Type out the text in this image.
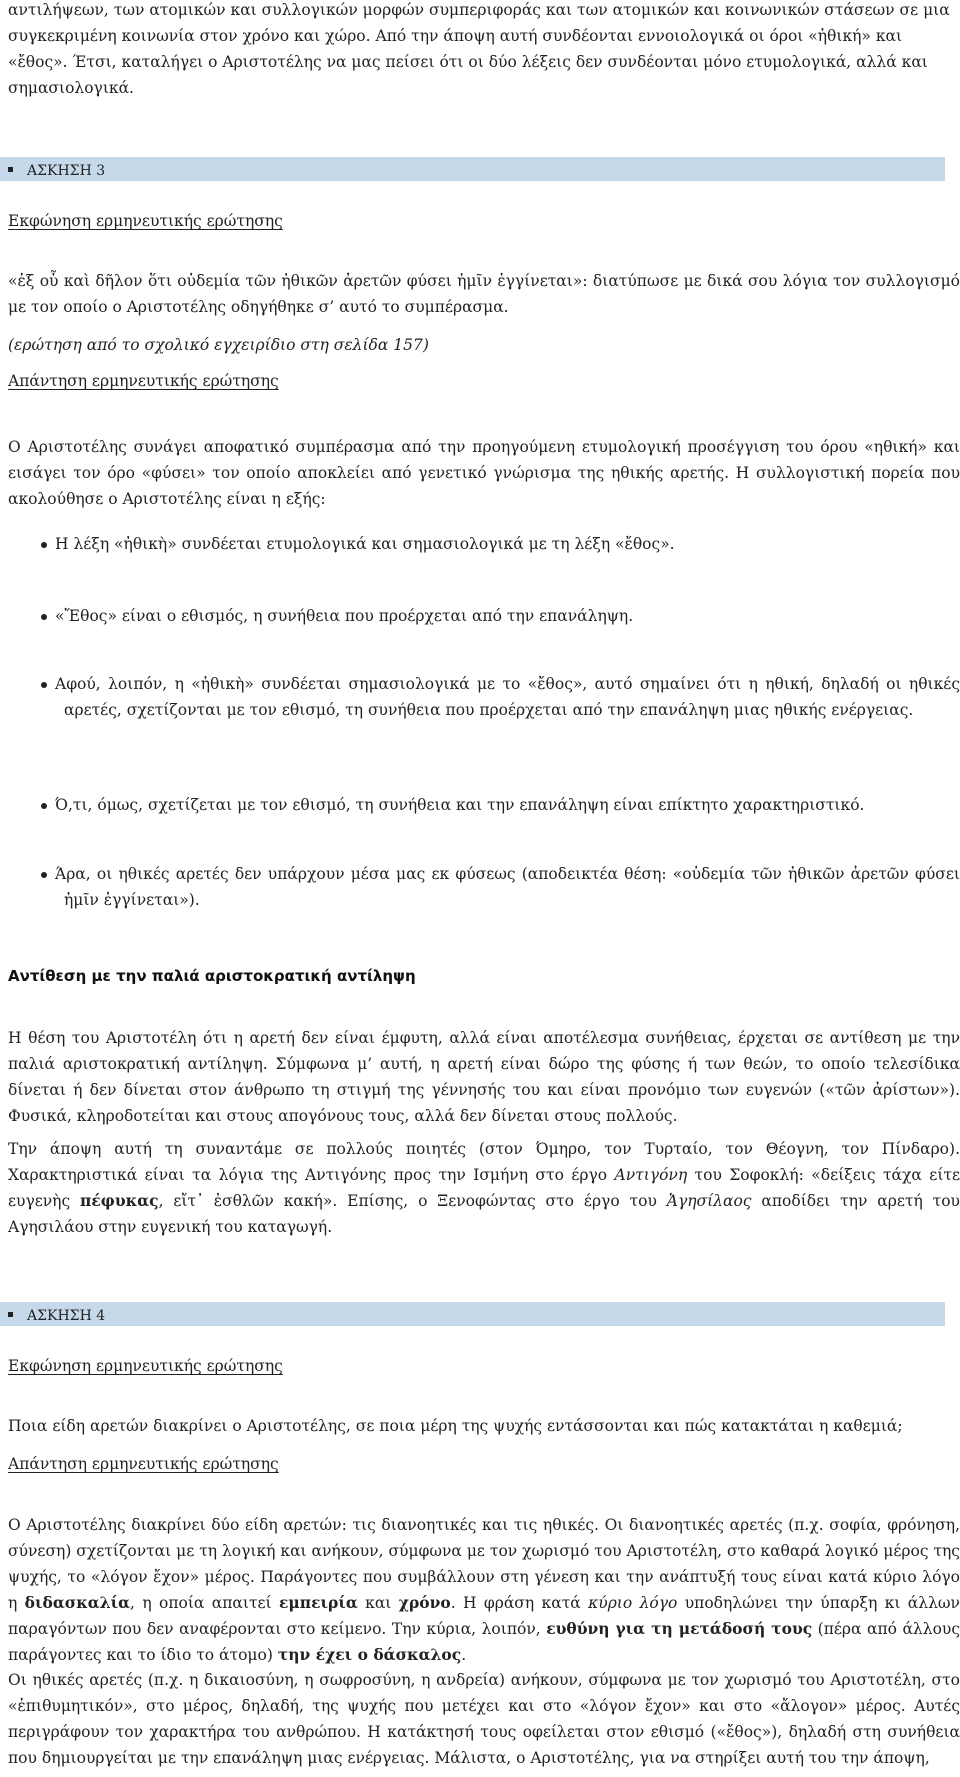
αντιλήψεων, των ατομικών και συλλογικών μορφών συμπεριφοράς και των ατομικών και κοινωνικών στάσεων σε μια

συγκεκριμένη κοινωνία στον χρόνο και χώρο. Από την άποψη αυτή συνδέονται εννοιολογικά οι όροι «ἠθική» και

«ἔθος». Έτσι, καταλήγει ο Αριστοτέλης να μας πείσει ότι οι δύο λέξεις δεν συνδέονται μόνο ετυμολογικά, αλλά και

σημασιολογικά.

ΑΣΚΗΣΗ 3
Εκφώνηση ερμηνευτικής ερώτησης

«ἐξ οὗ καὶ δῆλον ὅτι οὐδεμία τῶν ἠθικῶν ἀρετῶν φύσει ἡμῖν ἐγγίνεται»: διατύπωσε με δικά σου λόγια τον συλλογισμό με τον οποίο ο Αριστοτέλης οδηγήθηκε σ’ αυτό το συμπέρασμα.

(ερώτηση από το σχολικό εγχειρίδιο στη σελίδα 157)
Απάντηση ερμηνευτικής ερώτησης

Ο Αριστοτέλης συνάγει αποφατικό συμπέρασμα από την προηγούμενη ετυμολογική προσέγγιση του όρου «ηθική» και εισάγει τον όρο «φύσει» τον οποίο αποκλείει από γενετικό γνώρισμα της ηθικής αρετής. Η συλλογιστική πορεία που ακολούθησε ο Αριστοτέλης είναι η εξής:

Η λέξη «ἠθικὴ» συνδέεται ετυμολογικά και σημασιολογικά με τη λέξη «ἔθος».
«Ἔθος» είναι ο εθισμός, η συνήθεια που προέρχεται από την επανάληψη.
Αφού, λοιπόν, η «ἠθικὴ» συνδέεται σημασιολογικά με το «ἔθος», αυτό σημαίνει ότι η ηθική, δηλαδή οι ηθικές αρετές, σχετίζονται με τον εθισμό, τη συνήθεια που προέρχεται από την επανάληψη μιας ηθικής ενέργειας.
Ό,τι, όμως, σχετίζεται με τον εθισμό, τη συνήθεια και την επανάληψη είναι επίκτητο χαρακτηριστικό.
Άρα, οι ηθικές αρετές δεν υπάρχουν μέσα μας εκ φύσεως (αποδεικτέα θέση: «οὐδεμία τῶν ἠθικῶν ἀρετῶν φύσει ἡμῖν ἐγγίνεται»).
Αντίθεση με την παλιά αριστοκρατική αντίληψη

Η θέση του Αριστοτέλη ότι η αρετή δεν είναι έμφυτη, αλλά είναι αποτέλεσμα συνήθειας, έρχεται σε αντίθεση με την παλιά αριστοκρατική αντίληψη. Σύμφωνα μ’ αυτή, η αρετή είναι δώρο της φύσης ή των θεών, το οποίο τελεσίδικα δίνεται ή δεν δίνεται στον άνθρωπο τη στιγμή της γέννησής του και είναι προνόμιο των ευγενών («τῶν ἀρίστων»). Φυσικά, κληροδοτείται και στους απογόνους τους, αλλά δεν δίνεται στους πολλούς.

Την άποψη αυτή τη συναντάμε σε πολλούς ποιητές (στον Όμηρο, τον Τυρταίο, τον Θέογνη, τον Πίνδαρο). Χαρακτηριστικά είναι τα λόγια της Αντιγόνης προς την Ισμήνη στο έργο Αντιγόνη του Σοφοκλή: «δείξεις τάχα είτε ευγενὴς πέφυκας, εἴτ᾽ ἐσθλῶν κακή». Επίσης, ο Ξενοφώντας στο έργο του Ἀγησίλαος αποδίδει την αρετή του Αγησιλάου στην ευγενική του καταγωγή.

ΑΣΚΗΣΗ 4
Εκφώνηση ερμηνευτικής ερώτησης

Ποια είδη αρετών διακρίνει ο Αριστοτέλης, σε ποια μέρη της ψυχής εντάσσονται και πώς κατακτάται η καθεμιά;

Απάντηση ερμηνευτικής ερώτησης

Ο Αριστοτέλης διακρίνει δύο είδη αρετών: τις διανοητικές και τις ηθικές. Οι διανοητικές αρετές (π.χ. σοφία, φρόνηση, σύνεση) σχετίζονται με τη λογική και ανήκουν, σύμφωνα με τον χωρισμό του Αριστοτέλη, στο καθαρά λογικό μέρος της ψυχής, το «λόγον ἔχον» μέρος. Παράγοντες που συμβάλλουν στη γένεση και την ανάπτυξή τους είναι κατά κύριο λόγο η διδασκαλία, η οποία απαιτεί εμπειρία και χρόνο. Η φράση κατά κύριο λόγο υποδηλώνει την ύπαρξη κι άλλων παραγόντων που δεν αναφέρονται στο κείμενο. Την κύρια, λοιπόν, ευθύνη για τη μετάδοσή τους (πέρα από άλλους παράγοντες και το ίδιο το άτομο) την έχει ο δάσκαλος.

Οι ηθικές αρετές (π.χ. η δικαιοσύνη, η σωφροσύνη, η ανδρεία) ανήκουν, σύμφωνα με τον χωρισμό του Αριστοτέλη, στο «ἐπιθυμητικόν», στο μέρος, δηλαδή, της ψυχής που μετέχει και στο «λόγον ἔχον» και στο «ἄλογον» μέρος. Αυτές περιγράφουν τον χαρακτήρα του ανθρώπου. Η κατάκτησή τους οφείλεται στον εθισμό («ἔθος»), δηλαδή στη συνήθεια που δημιουργείται με την επανάληψη μιας ενέργειας. Μάλιστα, ο Αριστοτέλης, για να στηρίξει αυτή του την άποψη,
